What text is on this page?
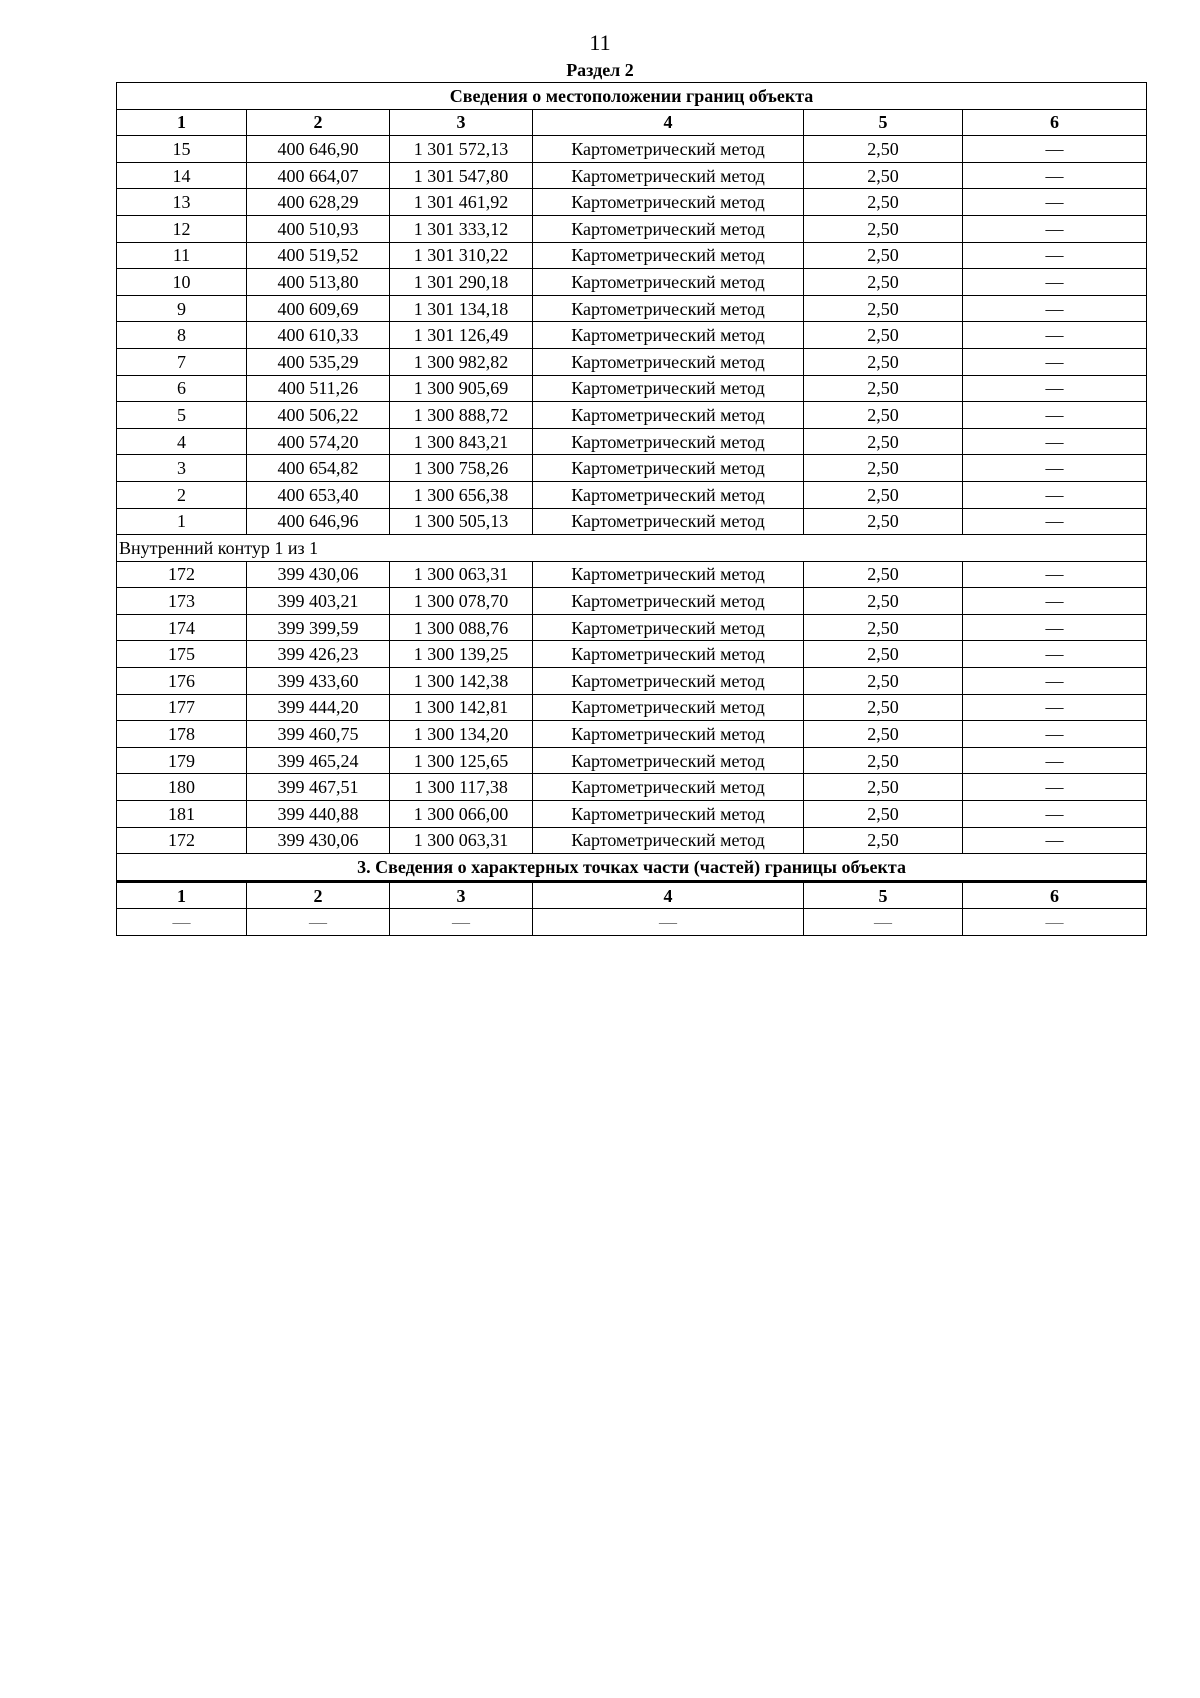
11
Раздел 2
Сведения о местоположении границ объекта					
1	2	3	4	5	6
15	400 646,90	1 301 572,13	Картометрический метод	2,50	—
14	400 664,07	1 301 547,80	Картометрический метод	2,50	—
13	400 628,29	1 301 461,92	Картометрический метод	2,50	—
12	400 510,93	1 301 333,12	Картометрический метод	2,50	—
11	400 519,52	1 301 310,22	Картометрический метод	2,50	—
10	400 513,80	1 301 290,18	Картометрический метод	2,50	—
9	400 609,69	1 301 134,18	Картометрический метод	2,50	—
8	400 610,33	1 301 126,49	Картометрический метод	2,50	—
7	400 535,29	1 300 982,82	Картометрический метод	2,50	—
6	400 511,26	1 300 905,69	Картометрический метод	2,50	—
5	400 506,22	1 300 888,72	Картометрический метод	2,50	—
4	400 574,20	1 300 843,21	Картометрический метод	2,50	—
3	400 654,82	1 300 758,26	Картометрический метод	2,50	—
2	400 653,40	1 300 656,38	Картометрический метод	2,50	—
1	400 646,96	1 300 505,13	Картометрический метод	2,50	—
Внутренний контур 1 из 1					
172	399 430,06	1 300 063,31	Картометрический метод	2,50	—
173	399 403,21	1 300 078,70	Картометрический метод	2,50	—
174	399 399,59	1 300 088,76	Картометрический метод	2,50	—
175	399 426,23	1 300 139,25	Картометрический метод	2,50	—
176	399 433,60	1 300 142,38	Картометрический метод	2,50	—
177	399 444,20	1 300 142,81	Картометрический метод	2,50	—
178	399 460,75	1 300 134,20	Картометрический метод	2,50	—
179	399 465,24	1 300 125,65	Картометрический метод	2,50	—
180	399 467,51	1 300 117,38	Картометрический метод	2,50	—
181	399 440,88	1 300 066,00	Картометрический метод	2,50	—
172	399 430,06	1 300 063,31	Картометрический метод	2,50	—
3. Сведения о характерных точках части (частей) границы объекта					
1	2	3	4	5	6
—	—	—	—	—	—
